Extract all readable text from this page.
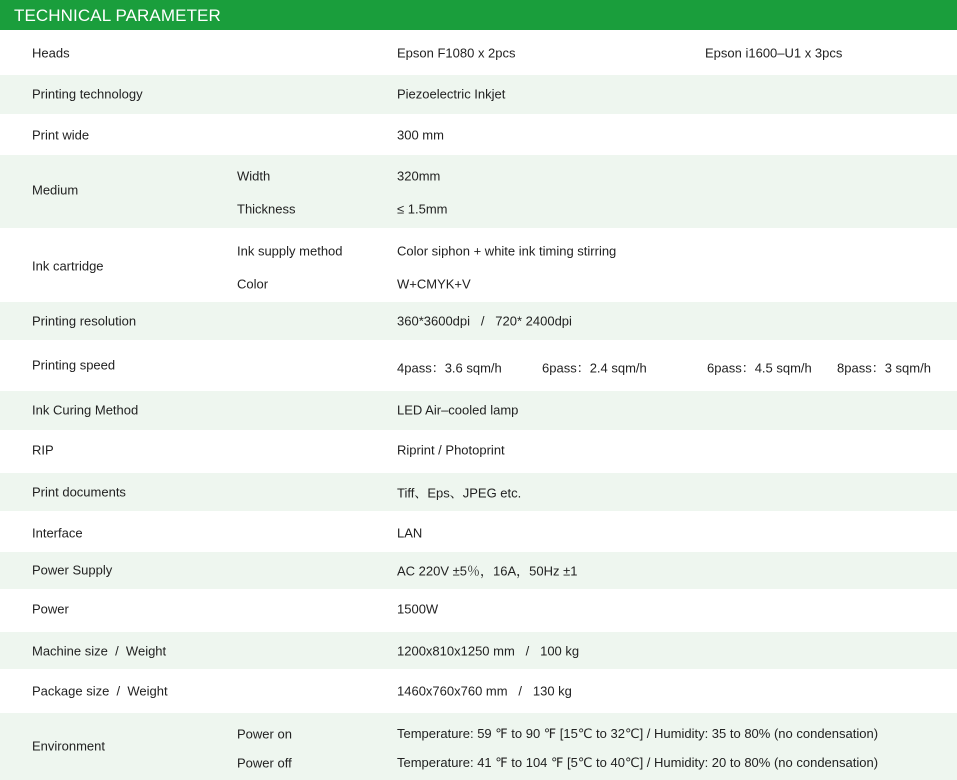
TECHNICAL PARAMETER
Heads	Epson F1080 x 2pcs	Epson i1600–U1 x 3pcs
Printing technology	Piezoelectric Inkjet
Print wide	300 mm
Medium
Width	320mm
Thickness	≤ 1.5mm
Ink cartridge
Ink supply method	Color siphon + white ink timing stirring
Color	W+CMYK+V
Printing resolution	360*3600dpi   /   720* 2400dpi
Printing speed	4pass：3.6 sqm/h	6pass：2.4 sqm/h	6pass：4.5 sqm/h 8pass：3 sqm/h
Ink Curing Method	LED Air–cooled lamp
RIP	Riprint / Photoprint
Print documents	Tiff、Eps、JPEG etc.
Interface	LAN
Power Supply	AC 220V ±5％，16A，50Hz ±1
Power	1500W
Machine size  /  Weight	1200x810x1250 mm   /   100 kg
Package size  /  Weight	1460x760x760 mm   /   130 kg
Environment
Power on	Temperature: 59 ℉ to 90 ℉ [15℃ to 32℃] / Humidity: 35 to 80% (no condensation)
Power off	Temperature: 41 ℉ to 104 ℉ [5℃ to 40℃] / Humidity: 20 to 80% (no condensation)
